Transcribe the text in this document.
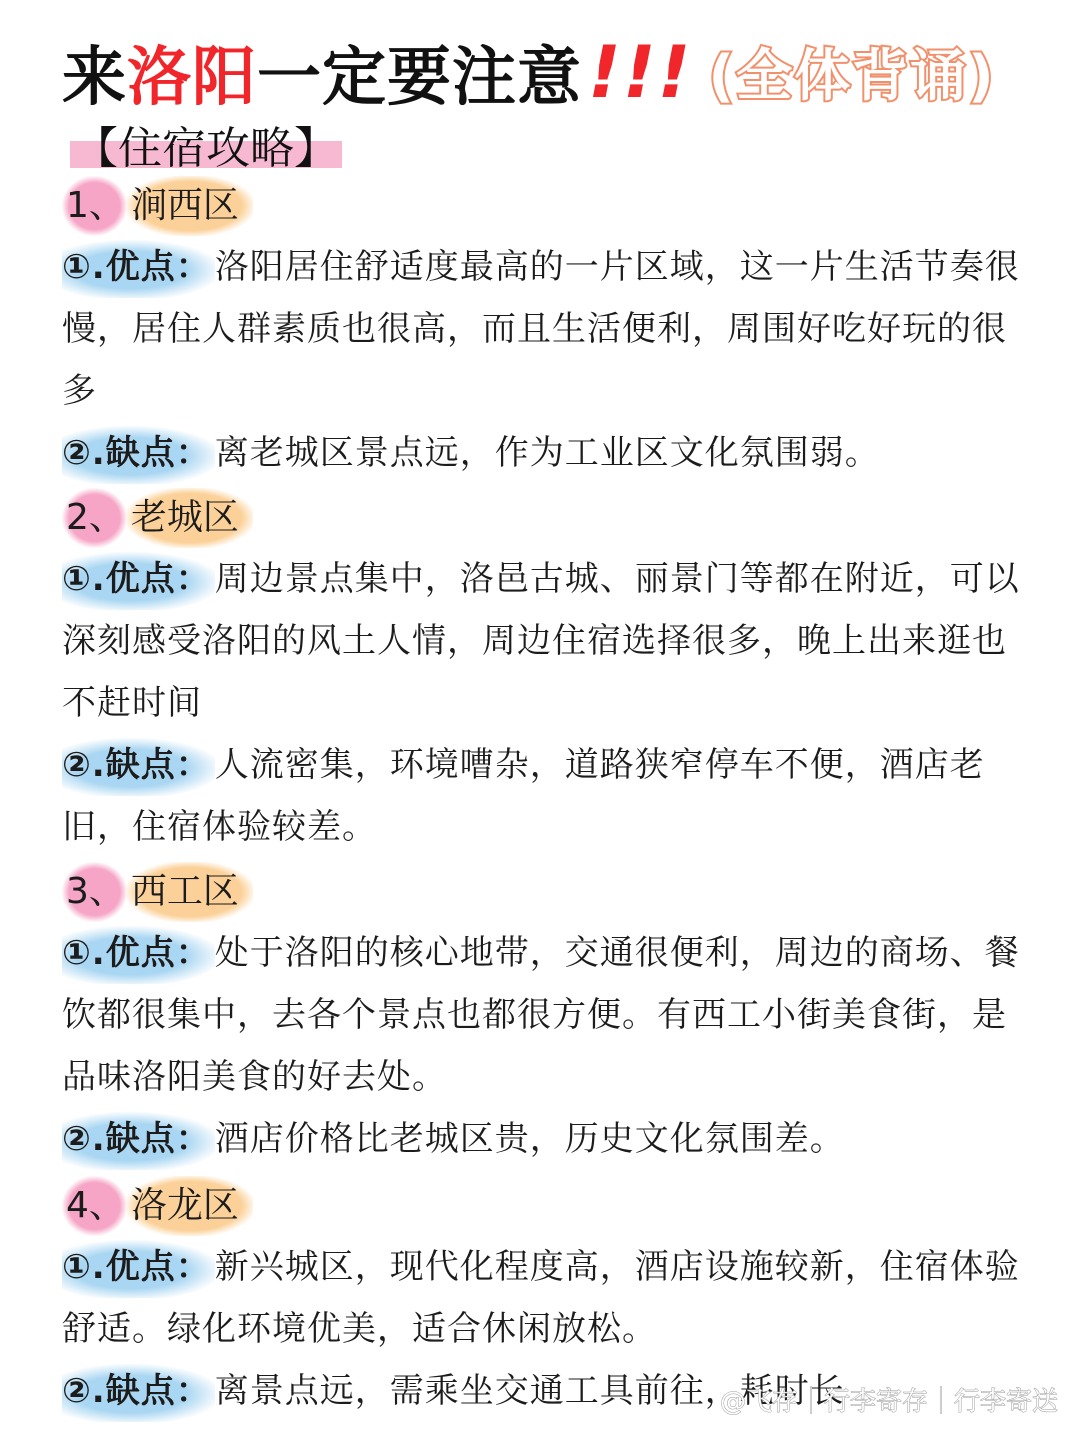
来 洛阳 一定要注意 !!! (全体背诵)
【住宿攻略】
1、 涧西区

①.优点： 洛阳居住舒适度最高的一片区域，这一片生活节奏很慢，居住人群素质也很高，而且生活便利，周围好吃好玩的很多

②.缺点： 离老城区景点远，作为工业区文化氛围弱。

2、 老城区

①.优点： 周边景点集中，洛邑古城、丽景门等都在附近，可以深刻感受洛阳的风土人情，周边住宿选择很多，晚上出来逛也不赶时间

②.缺点： 人流密集，环境嘈杂，道路狭窄停车不便，酒店老旧，住宿体验较差。

3、 西工区

①.优点： 处于洛阳的核心地带，交通很便利，周边的商场、餐饮都很集中，去各个景点也都很方便。有西工小街美食街，是品味洛阳美食的好去处。

②.缺点： 酒店价格比老城区贵，历史文化氛围差。

4、 洛龙区

①.优点： 新兴城区，现代化程度高，酒店设施较新，住宿体验舒适。绿化环境优美，适合休闲放松。

②.缺点： 离景点远，需乘坐交通工具前往，耗时长

@飞存｜行李寄存｜行李寄送
